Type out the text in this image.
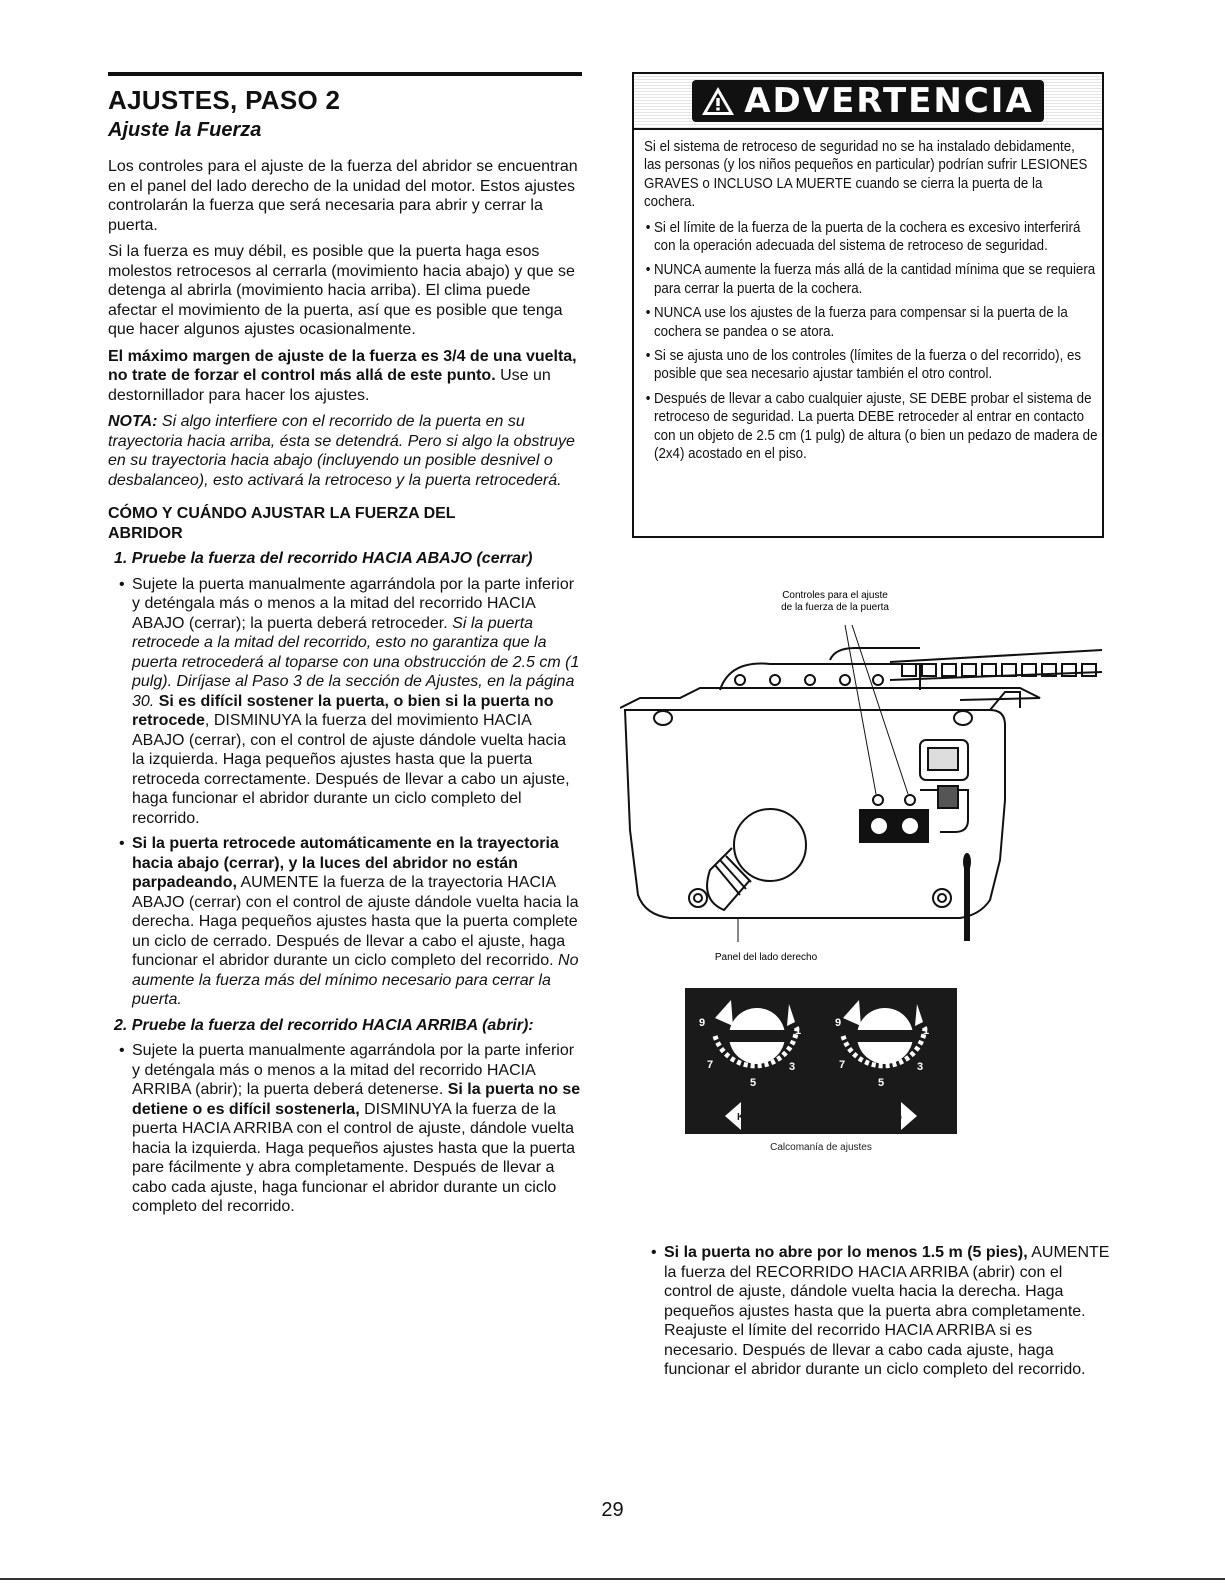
AJUSTES, PASO 2
Ajuste la Fuerza

Los controles para el ajuste de la fuerza del abridor se encuentran en el panel del lado derecho de la unidad del motor. Estos ajustes controlarán la fuerza que será necesaria para abrir y cerrar la puerta.

Si la fuerza es muy débil, es posible que la puerta haga esos molestos retrocesos al cerrarla (movimiento hacia abajo) y que se detenga al abrirla (movimiento hacia arriba). El clima puede afectar el movimiento de la puerta, así que es posible que tenga que hacer algunos ajustes ocasionalmente.

El máximo margen de ajuste de la fuerza es 3/4 de una vuelta, no trate de forzar el control más allá de este punto. Use un destornillador para hacer los ajustes.

NOTA: Si algo interfiere con el recorrido de la puerta en su trayectoria hacia arriba, ésta se detendrá. Pero si algo la obstruye en su trayectoria hacia abajo (incluyendo un posible desnivel o desbalanceo), esto activará la retroceso y la puerta retrocederá.

CÓMO Y CUÁNDO AJUSTAR LA FUERZA DEL ABRIDOR
1. Pruebe la fuerza del recorrido HACIA ABAJO (cerrar)
• Sujete la puerta manualmente agarrándola por la parte inferior y deténgala más o menos a la mitad del recorrido HACIA ABAJO (cerrar); la puerta deberá retroceder. Si la puerta retrocede a la mitad del recorrido, esto no garantiza que la puerta retrocederá al toparse con una obstrucción de 2.5 cm (1 pulg). Diríjase al Paso 3 de la sección de Ajustes, en la página 30. Si es difícil sostener la puerta, o bien si la puerta no retrocede, DISMINUYA la fuerza del movimiento HACIA ABAJO (cerrar), con el control de ajuste dándole vuelta hacia la izquierda. Haga pequeños ajustes hasta que la puerta retroceda correctamente. Después de llevar a cabo un ajuste, haga funcionar el abridor durante un ciclo completo del recorrido.
• Si la puerta retrocede automáticamente en la trayectoria hacia abajo (cerrar), y la luces del abridor no están parpadeando, AUMENTE la fuerza de la trayectoria HACIA ABAJO (cerrar) con el control de ajuste dándole vuelta hacia la derecha. Haga pequeños ajustes hasta que la puerta complete un ciclo de cerrado. Después de llevar a cabo el ajuste, haga funcionar el abridor durante un ciclo completo del recorrido. No aumente la fuerza más del mínimo necesario para cerrar la puerta.
2. Pruebe la fuerza del recorrido HACIA ARRIBA (abrir):
• Sujete la puerta manualmente agarrándola por la parte inferior y deténgala más o menos a la mitad del recorrido HACIA ARRIBA (abrir); la puerta deberá detenerse. Si la puerta no se detiene o es difícil sostenerla, DISMINUYA la fuerza de la puerta HACIA ARRIBA con el control de ajuste, dándole vuelta hacia la izquierda. Haga pequeños ajustes hasta que la puerta pare fácilmente y abra completamente. Después de llevar a cabo cada ajuste, haga funcionar el abridor durante un ciclo completo del recorrido.
ADVERTENCIA

Si el sistema de retroceso de seguridad no se ha instalado debidamente, las personas (y los niños pequeños en particular) podrían sufrir LESIONES GRAVES o INCLUSO LA MUERTE cuando se cierra la puerta de la cochera.

• Si el límite de la fuerza de la puerta de la cochera es excesivo interferirá con la operación adecuada del sistema de retroceso de seguridad.
• NUNCA aumente la fuerza más allá de la cantidad mínima que se requiera para cerrar la puerta de la cochera.
• NUNCA use los ajustes de la fuerza para compensar si la puerta de la cochera se pandea o se atora.
• Si se ajusta uno de los controles (límites de la fuerza o del recorrido), es posible que sea necesario ajustar también el otro control.
• Después de llevar a cabo cualquier ajuste, SE DEBE probar el sistema de retroceso de seguridad. La puerta DEBE retroceder al entrar en contacto con un objeto de 2.5 cm (1 pulg) de altura (o bien un pedazo de madera de (2x4) acostado en el piso.
Controles para el ajuste
de la fuerza de la puerta
Panel del lado derecho
9
1
7	3
5
KG
9
1
7	3
5
KG
Calcomanía de ajustes
• Si la puerta no abre por lo menos 1.5 m (5 pies), AUMENTE la fuerza del RECORRIDO HACIA ARRIBA (abrir) con el control de ajuste, dándole vuelta hacia la derecha. Haga pequeños ajustes hasta que la puerta abra completamente. Reajuste el límite del recorrido HACIA ARRIBA si es necesario. Después de llevar a cabo cada ajuste, haga funcionar el abridor durante un ciclo completo del recorrido.
29
